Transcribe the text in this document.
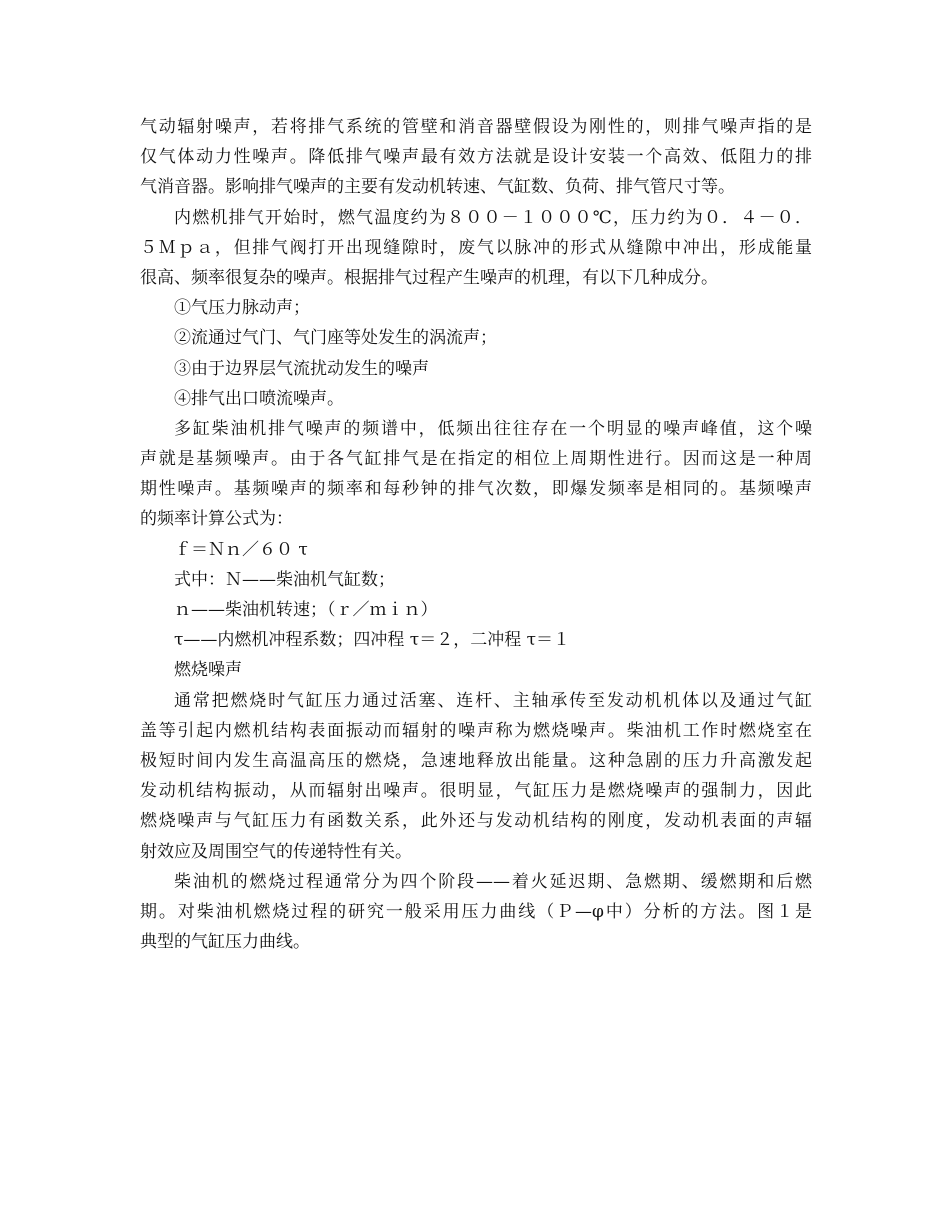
气动辐射噪声，若将排气系统的管壁和消音器壁假设为刚性的，则排气噪声指的是
仅气体动力性噪声。降低排气噪声最有效方法就是设计安装一个高效、低阻力的排
气消音器。影响排气噪声的主要有发动机转速、气缸数、负荷、排气管尺寸等。
内燃机排气开始时，燃气温度约为８００－１０００℃，压力约为０．４－０．
５Ｍｐａ，但排气阀打开出现缝隙时，废气以脉冲的形式从缝隙中冲出，形成能量
很高、频率很复杂的噪声。根据排气过程产生噪声的机理，有以下几种成分。
①气压力脉动声；
②流通过气门、气门座等处发生的涡流声；
③由于边界层气流扰动发生的噪声
④排气出口喷流噪声。
多缸柴油机排气噪声的频谱中，低频出往往存在一个明显的噪声峰值，这个噪
声就是基频噪声。由于各气缸排气是在指定的相位上周期性进行。因而这是一种周
期性噪声。基频噪声的频率和每秒钟的排气次数，即爆发频率是相同的。基频噪声
的频率计算公式为：
ｆ＝Ｎｎ／６０ τ
式中：Ｎ——柴油机气缸数；
ｎ——柴油机转速；（ｒ／ｍｉｎ）
τ——内燃机冲程系数；四冲程 τ＝２，二冲程 τ＝１
燃烧噪声
通常把燃烧时气缸压力通过活塞、连杆、主轴承传至发动机机体以及通过气缸
盖等引起内燃机结构表面振动而辐射的噪声称为燃烧噪声。柴油机工作时燃烧室在
极短时间内发生高温高压的燃烧，急速地释放出能量。这种急剧的压力升高激发起
发动机结构振动，从而辐射出噪声。很明显，气缸压力是燃烧噪声的强制力，因此
燃烧噪声与气缸压力有函数关系，此外还与发动机结构的刚度，发动机表面的声辐
射效应及周围空气的传递特性有关。
柴油机的燃烧过程通常分为四个阶段——着火延迟期、急燃期、缓燃期和后燃
期。对柴油机燃烧过程的研究一般采用压力曲线（Ｐ—φ中）分析的方法。图１是
典型的气缸压力曲线。
